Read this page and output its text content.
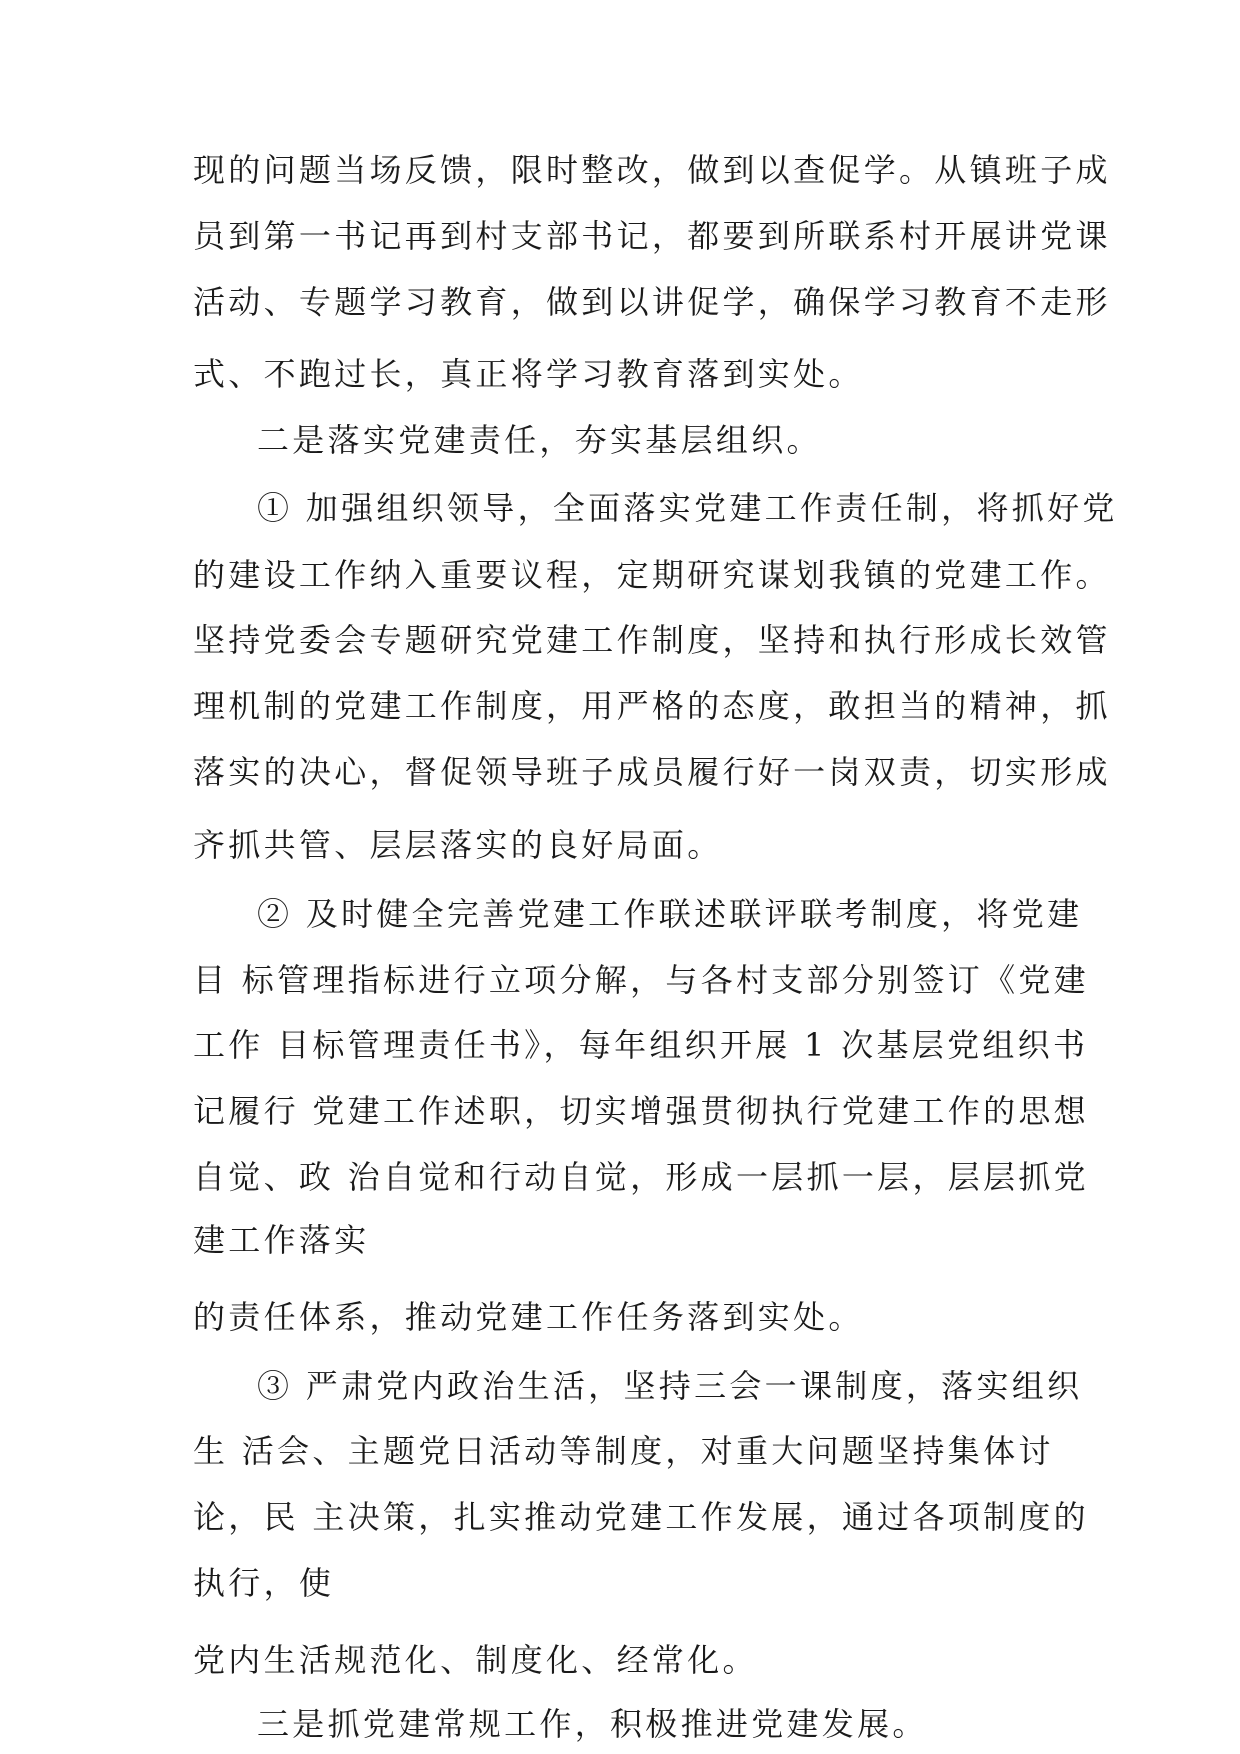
现的问题当场反馈，限时整改，做到以查促学。从镇班子成
员到第一书记再到村支部书记，都要到所联系村开展讲党课
活动、专题学习教育，做到以讲促学，确保学习教育不走形
式、不跑过长，真正将学习教育落到实处。
二是落实党建责任，夯实基层组织。
① 加强组织领导，全面落实党建工作责任制，将抓好党
的建设工作纳入重要议程，定期研究谋划我镇的党建工作。
坚持党委会专题研究党建工作制度，坚持和执行形成长效管
理机制的党建工作制度，用严格的态度，敢担当的精神，抓
落实的决心，督促领导班子成员履行好一岗双责，切实形成
齐抓共管、层层落实的良好局面。
② 及时健全完善党建工作联述联评联考制度，将党建
目 标管理指标进行立项分解，与各村支部分别签订《党建
工作 目标管理责任书》，每年组织开展 1 次基层党组织书
记履行 党建工作述职，切实增强贯彻执行党建工作的思想
自觉、政 治自觉和行动自觉，形成一层抓一层，层层抓党
建工作落实
的责任体系，推动党建工作任务落到实处。
③ 严肃党内政治生活，坚持三会一课制度，落实组织
生 活会、主题党日活动等制度，对重大问题坚持集体讨
论，民 主决策，扎实推动党建工作发展，通过各项制度的
执行，使
党内生活规范化、制度化、经常化。
三是抓党建常规工作，积极推进党建发展。
